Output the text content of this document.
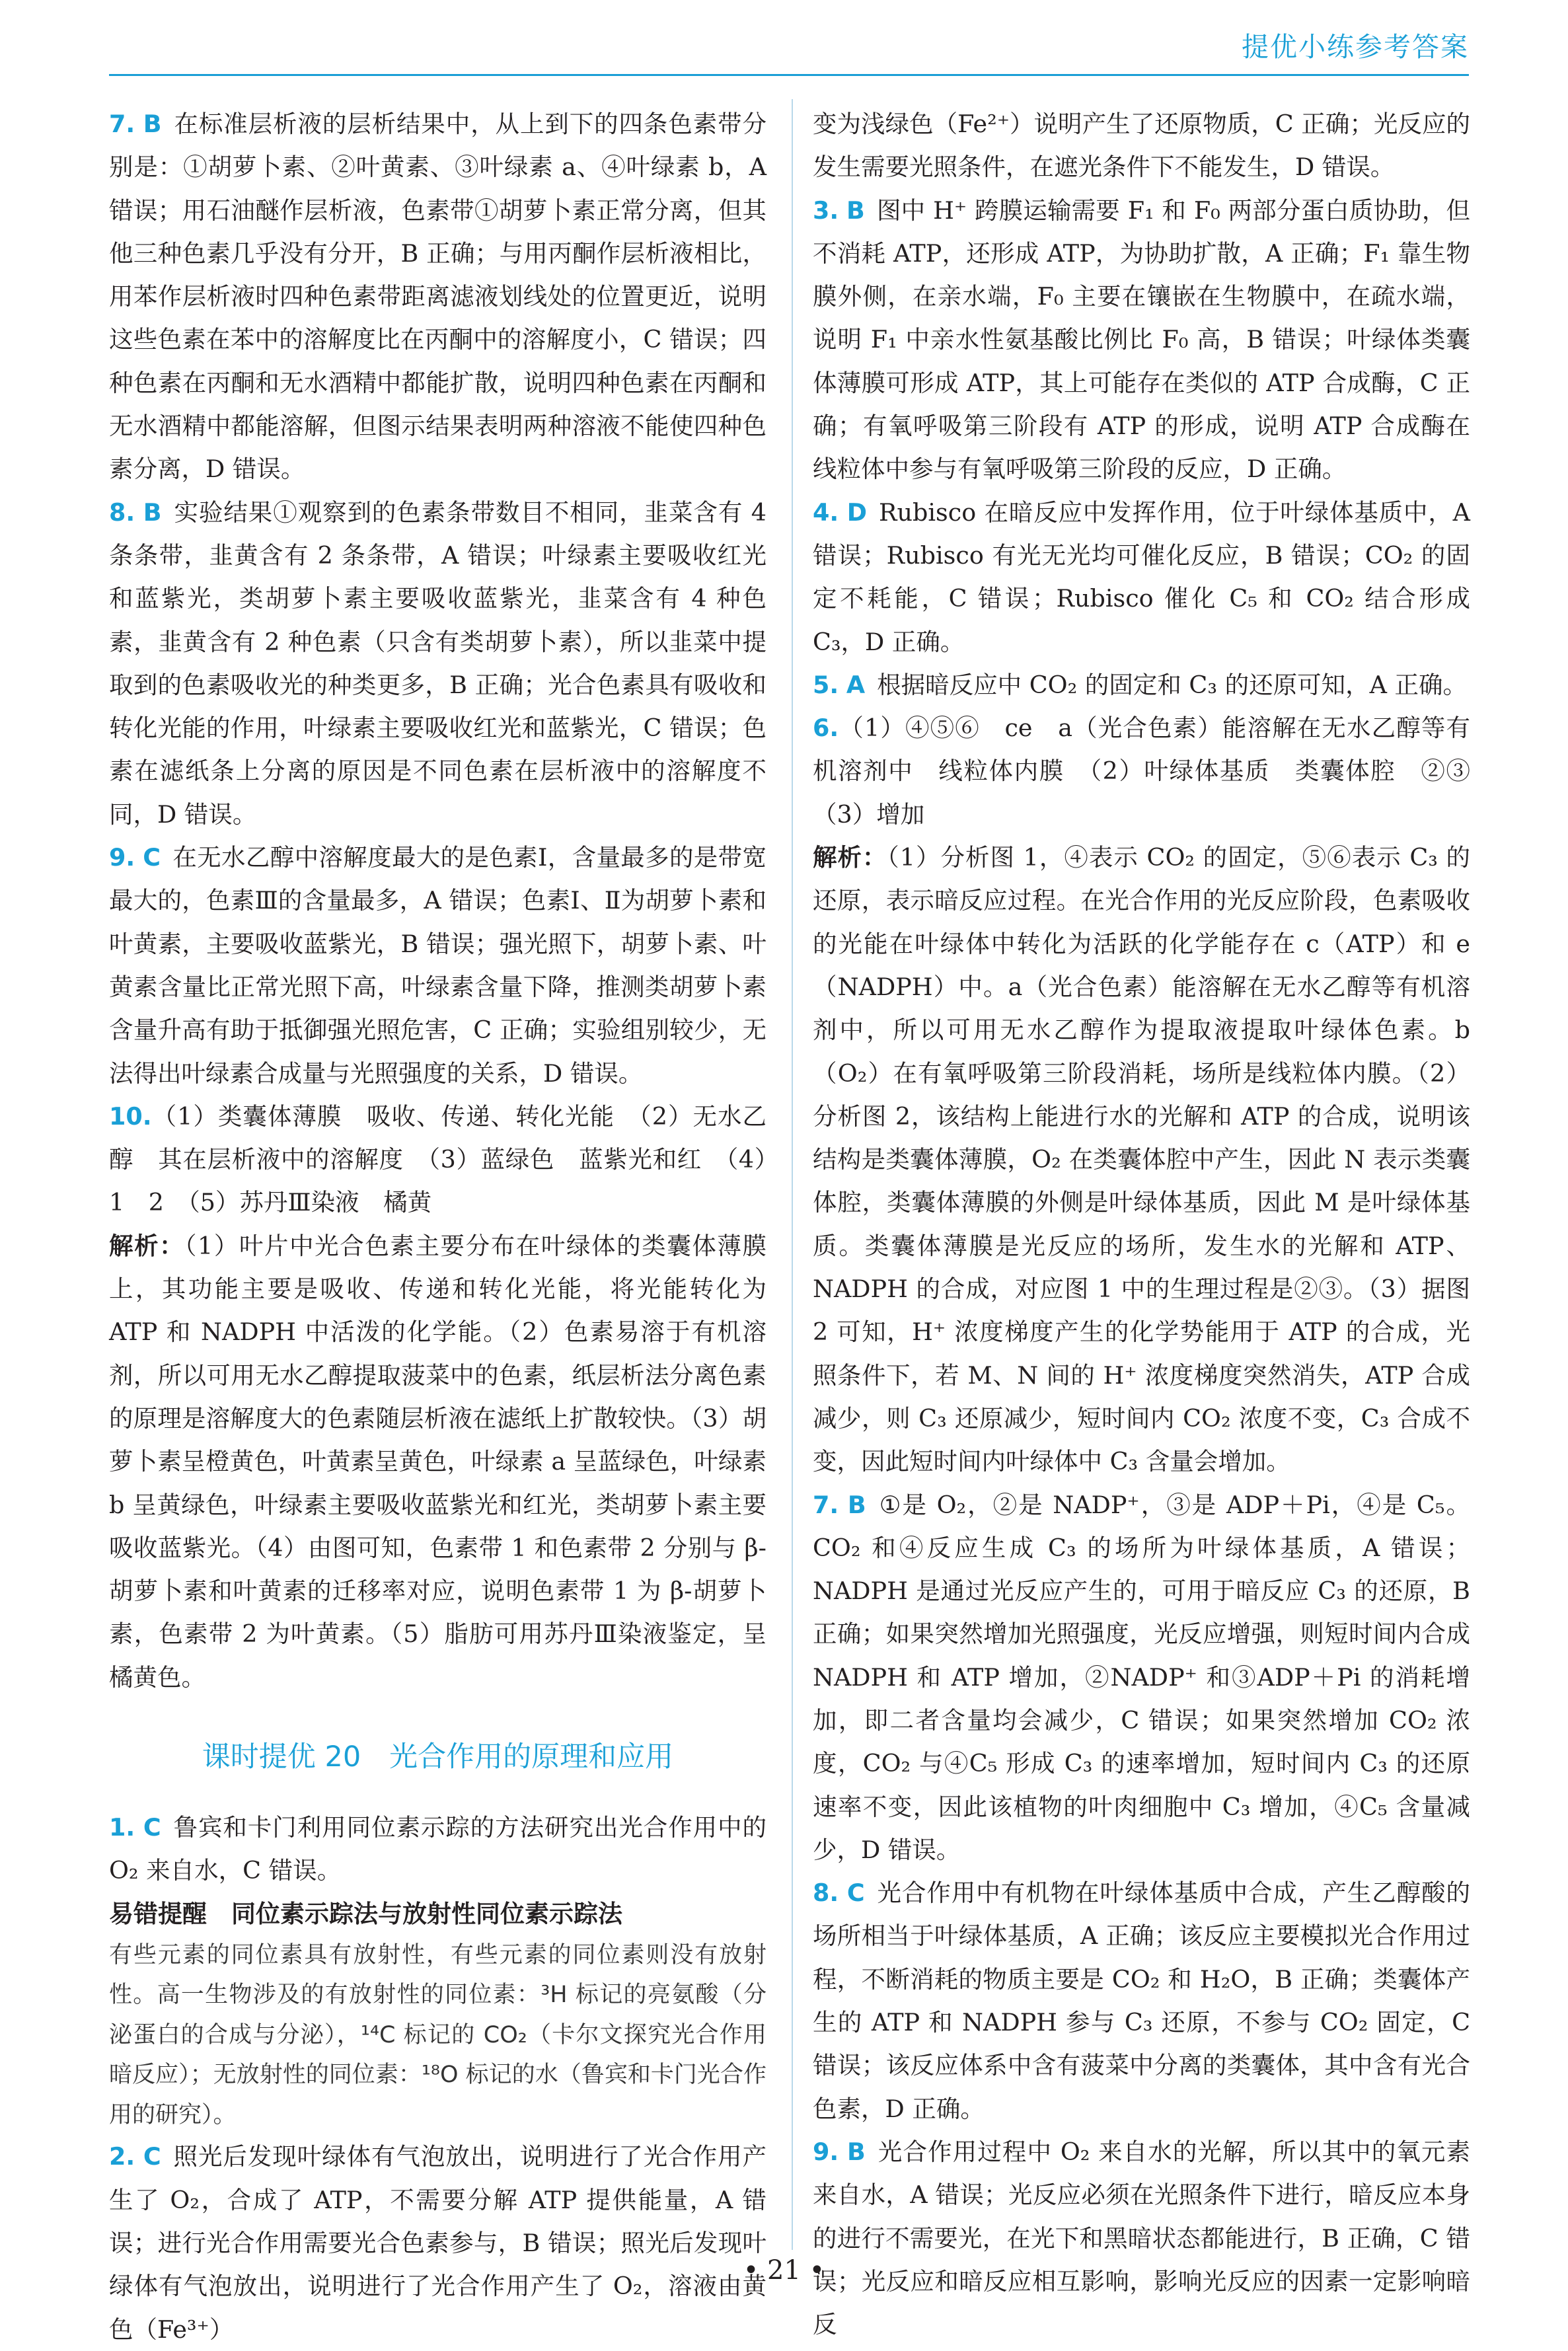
提优小练参考答案

7. B 在标准层析液的层析结果中，从上到下的四条色素带分别是：①胡萝卜素、②叶黄素、③叶绿素 a、④叶绿素 b，A 错误；用石油醚作层析液，色素带①胡萝卜素正常分离，但其他三种色素几乎没有分开，B 正确；与用丙酮作层析液相比，用苯作层析液时四种色素带距离滤液划线处的位置更近，说明这些色素在苯中的溶解度比在丙酮中的溶解度小，C 错误；四种色素在丙酮和无水酒精中都能扩散，说明四种色素在丙酮和无水酒精中都能溶解，但图示结果表明两种溶液不能使四种色素分离，D 错误。

8. B 实验结果①观察到的色素条带数目不相同，韭菜含有 4 条条带，韭黄含有 2 条条带，A 错误；叶绿素主要吸收红光和蓝紫光，类胡萝卜素主要吸收蓝紫光，韭菜含有 4 种色素，韭黄含有 2 种色素（只含有类胡萝卜素），所以韭菜中提取到的色素吸收光的种类更多，B 正确；光合色素具有吸收和转化光能的作用，叶绿素主要吸收红光和蓝紫光，C 错误；色素在滤纸条上分离的原因是不同色素在层析液中的溶解度不同，D 错误。

9. C 在无水乙醇中溶解度最大的是色素Ⅰ，含量最多的是带宽最大的，色素Ⅲ的含量最多，A 错误；色素Ⅰ、Ⅱ为胡萝卜素和叶黄素，主要吸收蓝紫光，B 错误；强光照下，胡萝卜素、叶黄素含量比正常光照下高，叶绿素含量下降，推测类胡萝卜素含量升高有助于抵御强光照危害，C 正确；实验组别较少，无法得出叶绿素合成量与光照强度的关系，D 错误。

10.（1）类囊体薄膜　吸收、传递、转化光能　（2）无水乙醇　其在层析液中的溶解度　（3）蓝绿色　蓝紫光和红　（4）1　2　（5）苏丹Ⅲ染液　橘黄

解析：（1）叶片中光合色素主要分布在叶绿体的类囊体薄膜上，其功能主要是吸收、传递和转化光能，将光能转化为 ATP 和 NADPH 中活泼的化学能。（2）色素易溶于有机溶剂，所以可用无水乙醇提取菠菜中的色素，纸层析法分离色素的原理是溶解度大的色素随层析液在滤纸上扩散较快。（3）胡萝卜素呈橙黄色，叶黄素呈黄色，叶绿素 a 呈蓝绿色，叶绿素 b 呈黄绿色，叶绿素主要吸收蓝紫光和红光，类胡萝卜素主要吸收蓝紫光。（4）由图可知，色素带 1 和色素带 2 分别与 β-胡萝卜素和叶黄素的迁移率对应，说明色素带 1 为 β-胡萝卜素，色素带 2 为叶黄素。（5）脂肪可用苏丹Ⅲ染液鉴定，呈橘黄色。

课时提优 20　光合作用的原理和应用

1. C 鲁宾和卡门利用同位素示踪的方法研究出光合作用中的 O₂ 来自水，C 错误。

易错提醒　同位素示踪法与放射性同位素示踪法

有些元素的同位素具有放射性，有些元素的同位素则没有放射性。高一生物涉及的有放射性的同位素：³H 标记的亮氨酸（分泌蛋白的合成与分泌），¹⁴C 标记的 CO₂（卡尔文探究光合作用暗反应）；无放射性的同位素：¹⁸O 标记的水（鲁宾和卡门光合作用的研究）。

2. C 照光后发现叶绿体有气泡放出，说明进行了光合作用产生了 O₂，合成了 ATP，不需要分解 ATP 提供能量，A 错误；进行光合作用需要光合色素参与，B 错误；照光后发现叶绿体有气泡放出，说明进行了光合作用产生了 O₂，溶液由黄色（Fe³⁺）

变为浅绿色（Fe²⁺）说明产生了还原物质，C 正确；光反应的发生需要光照条件，在遮光条件下不能发生，D 错误。

3. B 图中 H⁺ 跨膜运输需要 F₁ 和 F₀ 两部分蛋白质协助，但不消耗 ATP，还形成 ATP，为协助扩散，A 正确；F₁ 靠生物膜外侧，在亲水端，F₀ 主要在镶嵌在生物膜中，在疏水端，说明 F₁ 中亲水性氨基酸比例比 F₀ 高，B 错误；叶绿体类囊体薄膜可形成 ATP，其上可能存在类似的 ATP 合成酶，C 正确；有氧呼吸第三阶段有 ATP 的形成，说明 ATP 合成酶在线粒体中参与有氧呼吸第三阶段的反应，D 正确。

4. D Rubisco 在暗反应中发挥作用，位于叶绿体基质中，A 错误；Rubisco 有光无光均可催化反应，B 错误；CO₂ 的固定不耗能，C 错误；Rubisco 催化 C₅ 和 CO₂ 结合形成 C₃，D 正确。

5. A 根据暗反应中 CO₂ 的固定和 C₃ 的还原可知，A 正确。

6.（1）④⑤⑥　ce　a（光合色素）能溶解在无水乙醇等有机溶剂中　线粒体内膜　（2）叶绿体基质　类囊体腔　②③　（3）增加

解析：（1）分析图 1，④表示 CO₂ 的固定，⑤⑥表示 C₃ 的还原，表示暗反应过程。在光合作用的光反应阶段，色素吸收的光能在叶绿体中转化为活跃的化学能存在 c（ATP）和 e（NADPH）中。a（光合色素）能溶解在无水乙醇等有机溶剂中，所以可用无水乙醇作为提取液提取叶绿体色素。b（O₂）在有氧呼吸第三阶段消耗，场所是线粒体内膜。（2）分析图 2，该结构上能进行水的光解和 ATP 的合成，说明该结构是类囊体薄膜，O₂ 在类囊体腔中产生，因此 N 表示类囊体腔，类囊体薄膜的外侧是叶绿体基质，因此 M 是叶绿体基质。类囊体薄膜是光反应的场所，发生水的光解和 ATP、NADPH 的合成，对应图 1 中的生理过程是②③。（3）据图 2 可知，H⁺ 浓度梯度产生的化学势能用于 ATP 的合成，光照条件下，若 M、N 间的 H⁺ 浓度梯度突然消失，ATP 合成减少，则 C₃ 还原减少，短时间内 CO₂ 浓度不变，C₃ 合成不变，因此短时间内叶绿体中 C₃ 含量会增加。

7. B ①是 O₂，②是 NADP⁺，③是 ADP＋Pi，④是 C₅。CO₂ 和④反应生成 C₃ 的场所为叶绿体基质，A 错误；NADPH 是通过光反应产生的，可用于暗反应 C₃ 的还原，B 正确；如果突然增加光照强度，光反应增强，则短时间内合成 NADPH 和 ATP 增加，②NADP⁺ 和③ADP＋Pi 的消耗增加，即二者含量均会减少，C 错误；如果突然增加 CO₂ 浓度，CO₂ 与④C₅ 形成 C₃ 的速率增加，短时间内 C₃ 的还原速率不变，因此该植物的叶肉细胞中 C₃ 增加，④C₅ 含量减少，D 错误。

8. C 光合作用中有机物在叶绿体基质中合成，产生乙醇酸的场所相当于叶绿体基质，A 正确；该反应主要模拟光合作用过程，不断消耗的物质主要是 CO₂ 和 H₂O，B 正确；类囊体产生的 ATP 和 NADPH 参与 C₃ 还原，不参与 CO₂ 固定，C 错误；该反应体系中含有菠菜中分离的类囊体，其中含有光合色素，D 正确。

9. B 光合作用过程中 O₂ 来自水的光解，所以其中的氧元素来自水，A 错误；光反应必须在光照条件下进行，暗反应本身的进行不需要光，在光下和黑暗状态都能进行，B 正确，C 错误；光反应和暗反应相互影响，影响光反应的因素一定影响暗反

• 21 •
